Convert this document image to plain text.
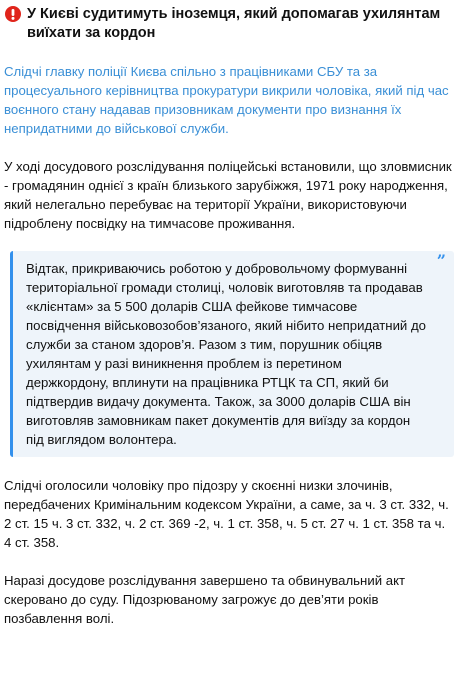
У Києві судитимуть іноземця, який допомагав ухилянтам виїхати за кордон

Слідчі главку поліції Києва спільно з працівниками СБУ та за процесуального керівництва прокуратури викрили чоловіка, який під час воєнного стану надавав призовникам документи про визнання їх непридатними до військової служби.

У ході досудового розслідування поліцейські встановили, що зловмисник - громадянин однієї з країн близького зарубіжжя, 1971 року народження, який нелегально перебуває на території України, використовуючи підроблену посвідку на тимчасове проживання.

”

Відтак, прикриваючись роботою у добровольчому формуванні територіальної громади столиці, чоловік виготовляв та продавав «клієнтам» за 5 500 доларів США фейкове тимчасове посвідчення військовозобов’язаного, який нібито непридатний до служби за станом здоров’я. Разом з тим, порушник обіцяв ухилянтам у разі виникнення проблем із перетином держкордону, вплинути на працівника РТЦК та СП, який би підтвердив видачу документа. Також, за 3000 доларів США він виготовляв замовникам пакет документів для виїзду за кордон під виглядом волонтера.

Слідчі оголосили чоловіку про підозру у скоєнні низки злочинів, передбачених Кримінальним кодексом України, а саме, за ч. 3 ст. 332, ч. 2 ст. 15 ч. 3 ст. 332, ч. 2 ст. 369 -2, ч. 1 ст. 358, ч. 5 ст. 27 ч. 1 ст. 358 та ч. 4 ст. 358.

Наразі досудове розслідування завершено та обвинувальний акт скеровано до суду. Підозрюваному загрожує до дев’яти років позбавлення волі.
